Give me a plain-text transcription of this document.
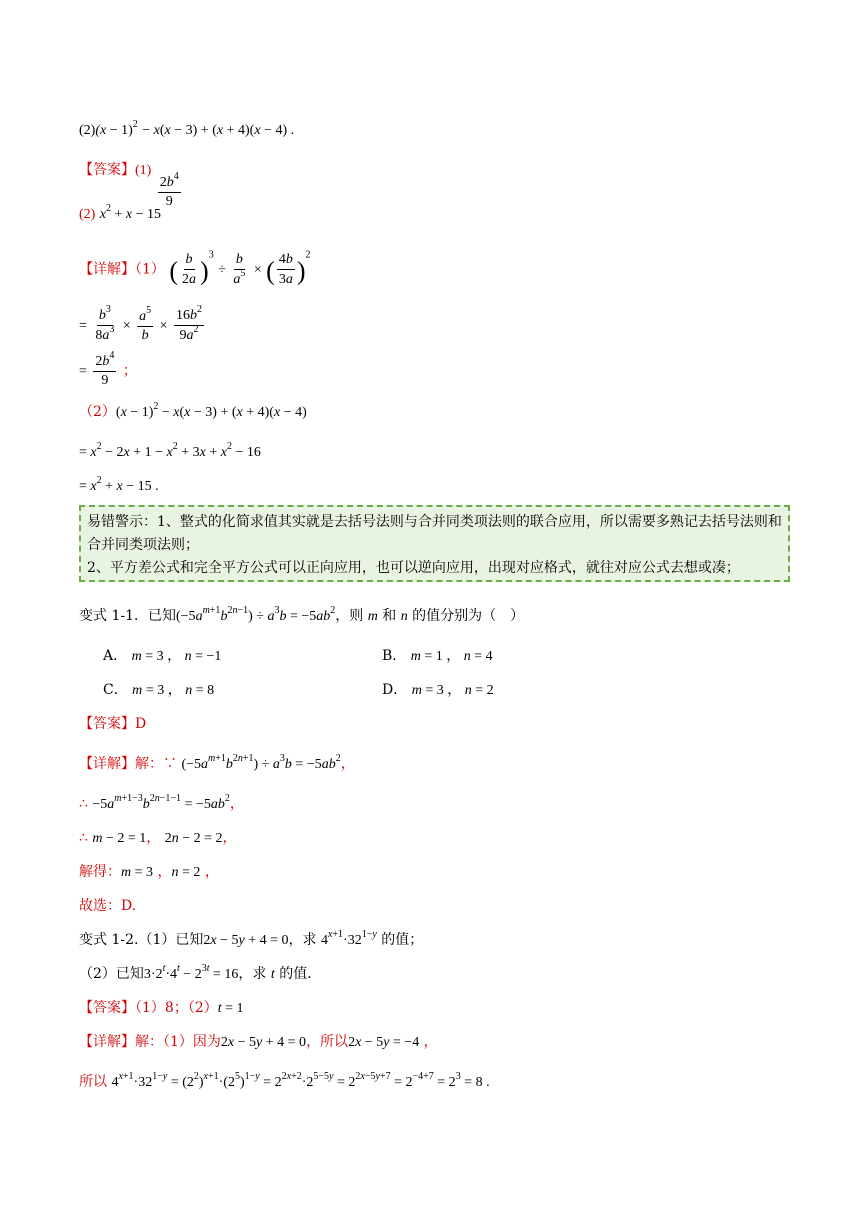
$(2)(x - 1)^2 - x(x - 3) + (x + 4)(x - 4)$ .
【答案】(1)
$\frac{2b^4}{9}$
(2) $x^2 + x - 15$
【详解】（1） ( $\frac{b}{2a} )^3 \div \frac{b}{a^5}$ × ( $\frac{4b}{3a} )^2$
= $\frac{b^3}{8a^3} \times \frac{a^5}{b} \times \frac{16b^2}{9a^2}$
= $\frac{2b^4}{9}$ ；
$(2)(x - 1)^2 - x(x - 3) + (x + 4)(x - 4)$
= $x^2 - 2x + 1 - x^2 + 3x + x^2 - 16$
= $x^2 + x - 15$ .
易错警示：1、整式的化简求值其实就是去括号法则与合并同类项法则的联合应用，所以需要多熟记去括号法则和合并同类项法则；
2、平方差公式和完全平方公式可以正向应用，也可以逆向应用，出现对应格式，就往对应公式去想或凑；
变式 1-1．已知$(-5a^{m+1}b^{2n-1}) \div a^3b = -5ab^2$，则 m 和 n 的值分别为（　）
A． m = 3 ， n = −1	B． m = 1 ， n = 4
C． m = 3 ， n = 8	D． m = 3 ， n = 2
【答案】D
【详解】解：∵ $(-5a^{m+1}b^{2n+1}) \div a^3b = -5ab^2$，
∴ $-5a^{m+1-3}b^{2n-1-1} = -5ab^2$，
∴ m − 2 = 1， 2n − 2 = 2，
解得：m = 3 ，n = 2 ，
故选：D.
变式 1-2.（1）已知2x − 5y + 4 = 0，求 $4^{x+1}\cdot 32^{1-y}$ 的值；
（2）已知$3\cdot 2^t\cdot 4^t - 2^{3t} = 16$，求 t 的值.
【答案】（1）8；（2）t = 1
【详解】解：（1）因为2x − 5y + 4 = 0，所以2x − 5y = −4 ，
所以 $4^{x+1}\cdot 32^{1-y} = (2^2)^{x+1}\cdot(2^5)^{1-y} = 2^{2x+2}\cdot 2^{5-5y} = 2^{2x-5y+7} = 2^{-4+7} = 2^3 = 8$ .
